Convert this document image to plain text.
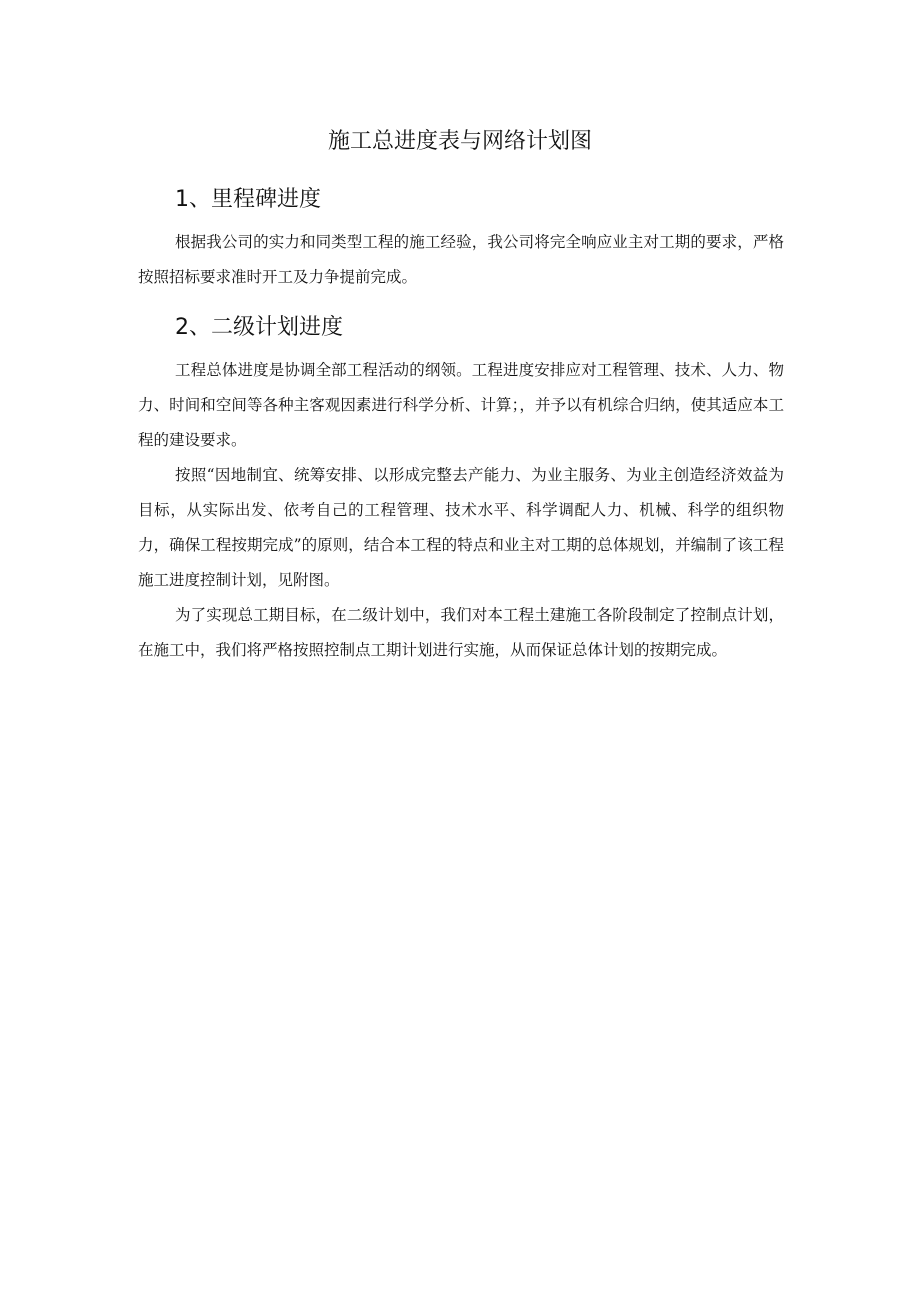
施工总进度表与网络计划图
1、里程碑进度

根据我公司的实力和同类型工程的施工经验，我公司将完全响应业主对工期的要求，严格按照招标要求准时开工及力争提前完成。

2、二级计划进度

工程总体进度是协调全部工程活动的纲领。工程进度安排应对工程管理、技术、人力、物力、时间和空间等各种主客观因素进行科学分析、计算；，并予以有机综合归纳，使其适应本工程的建设要求。

按照“因地制宜、统筹安排、以形成完整去产能力、为业主服务、为业主创造经济效益为目标，从实际出发、依考自己的工程管理、技术水平、科学调配人力、机械、科学的组织物力，确保工程按期完成”的原则，结合本工程的特点和业主对工期的总体规划，并编制了该工程施工进度控制计划，见附图。

为了实现总工期目标，在二级计划中，我们对本工程土建施工各阶段制定了控制点计划，在施工中，我们将严格按照控制点工期计划进行实施，从而保证总体计划的按期完成。
